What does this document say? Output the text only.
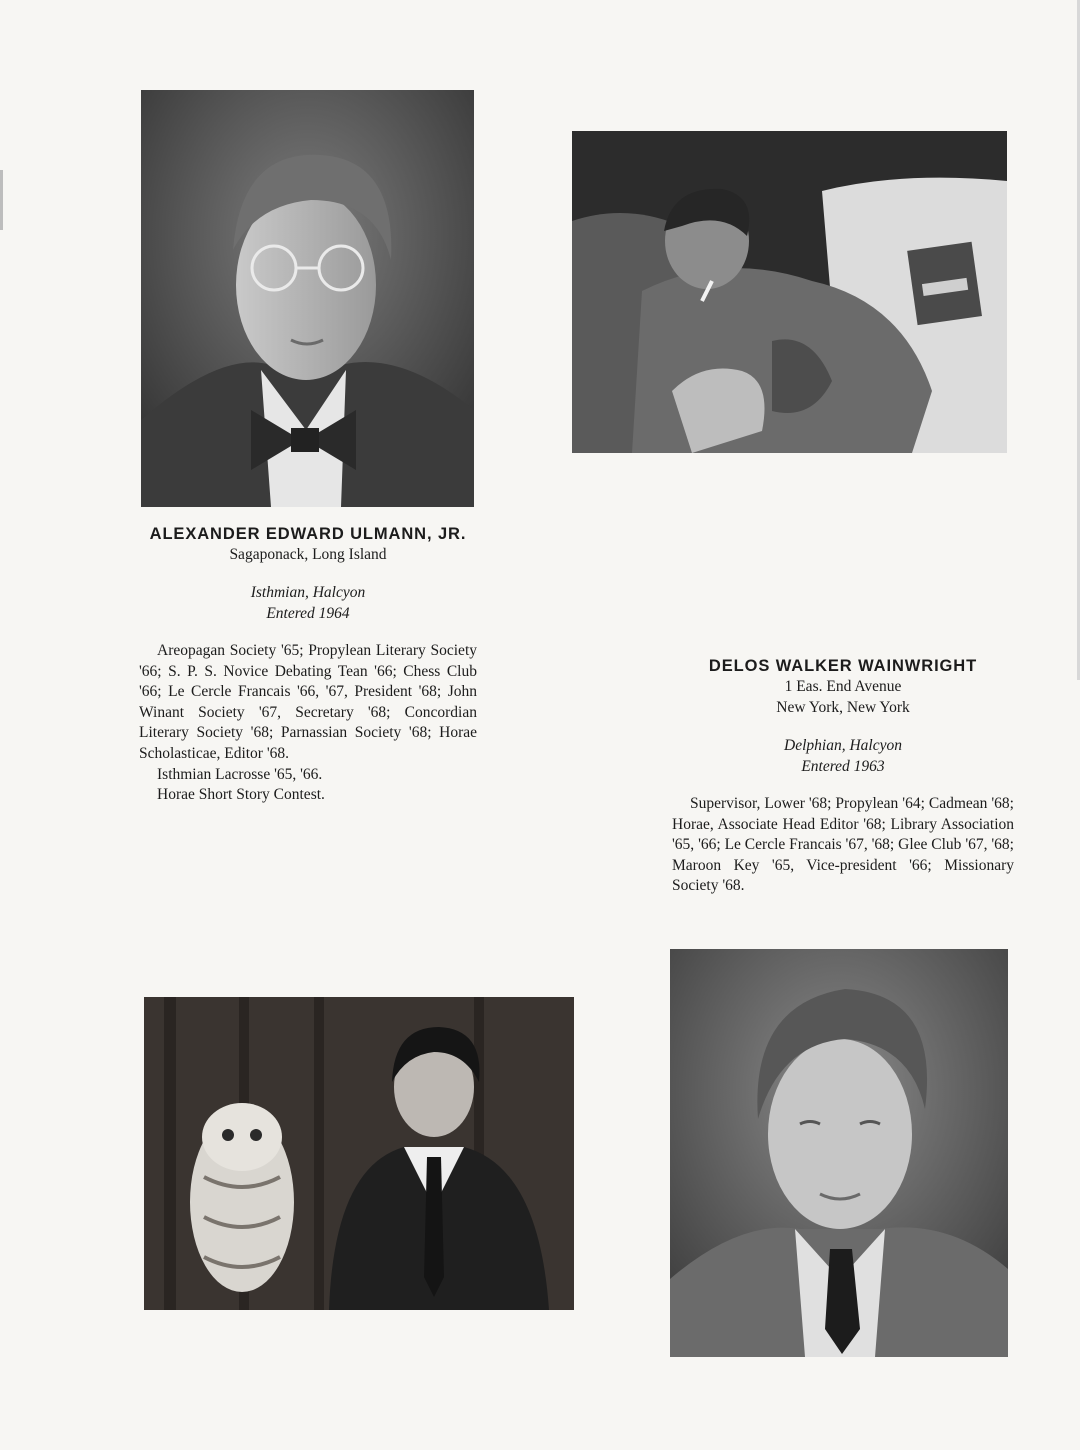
ALEXANDER EDWARD ULMANN, JR.

Sagaponack, Long Island

Isthmian, Halcyon

Entered 1964

Areopagan Society '65; Propylean Literary Society '66; S. P. S. Novice Debating Tean '66; Chess Club '66; Le Cercle Francais '66, '67, President '68; John Winant Society '67, Secretary '68; Concordian Literary Society '68; Parnassian Society '68; Horae Scholasticae, Editor '68.

Isthmian Lacrosse '65, '66.

Horae Short Story Contest.

DELOS WALKER WAINWRIGHT

1 Eas. End Avenue

New York, New York

Delphian, Halcyon

Entered 1963

Supervisor, Lower '68; Propylean '64; Cadmean '68; Horae, Associate Head Editor '68; Library Association '65, '66; Le Cercle Francais '67, '68; Glee Club '67, '68; Maroon Key '65, Vice-president '66; Missionary Society '68.
